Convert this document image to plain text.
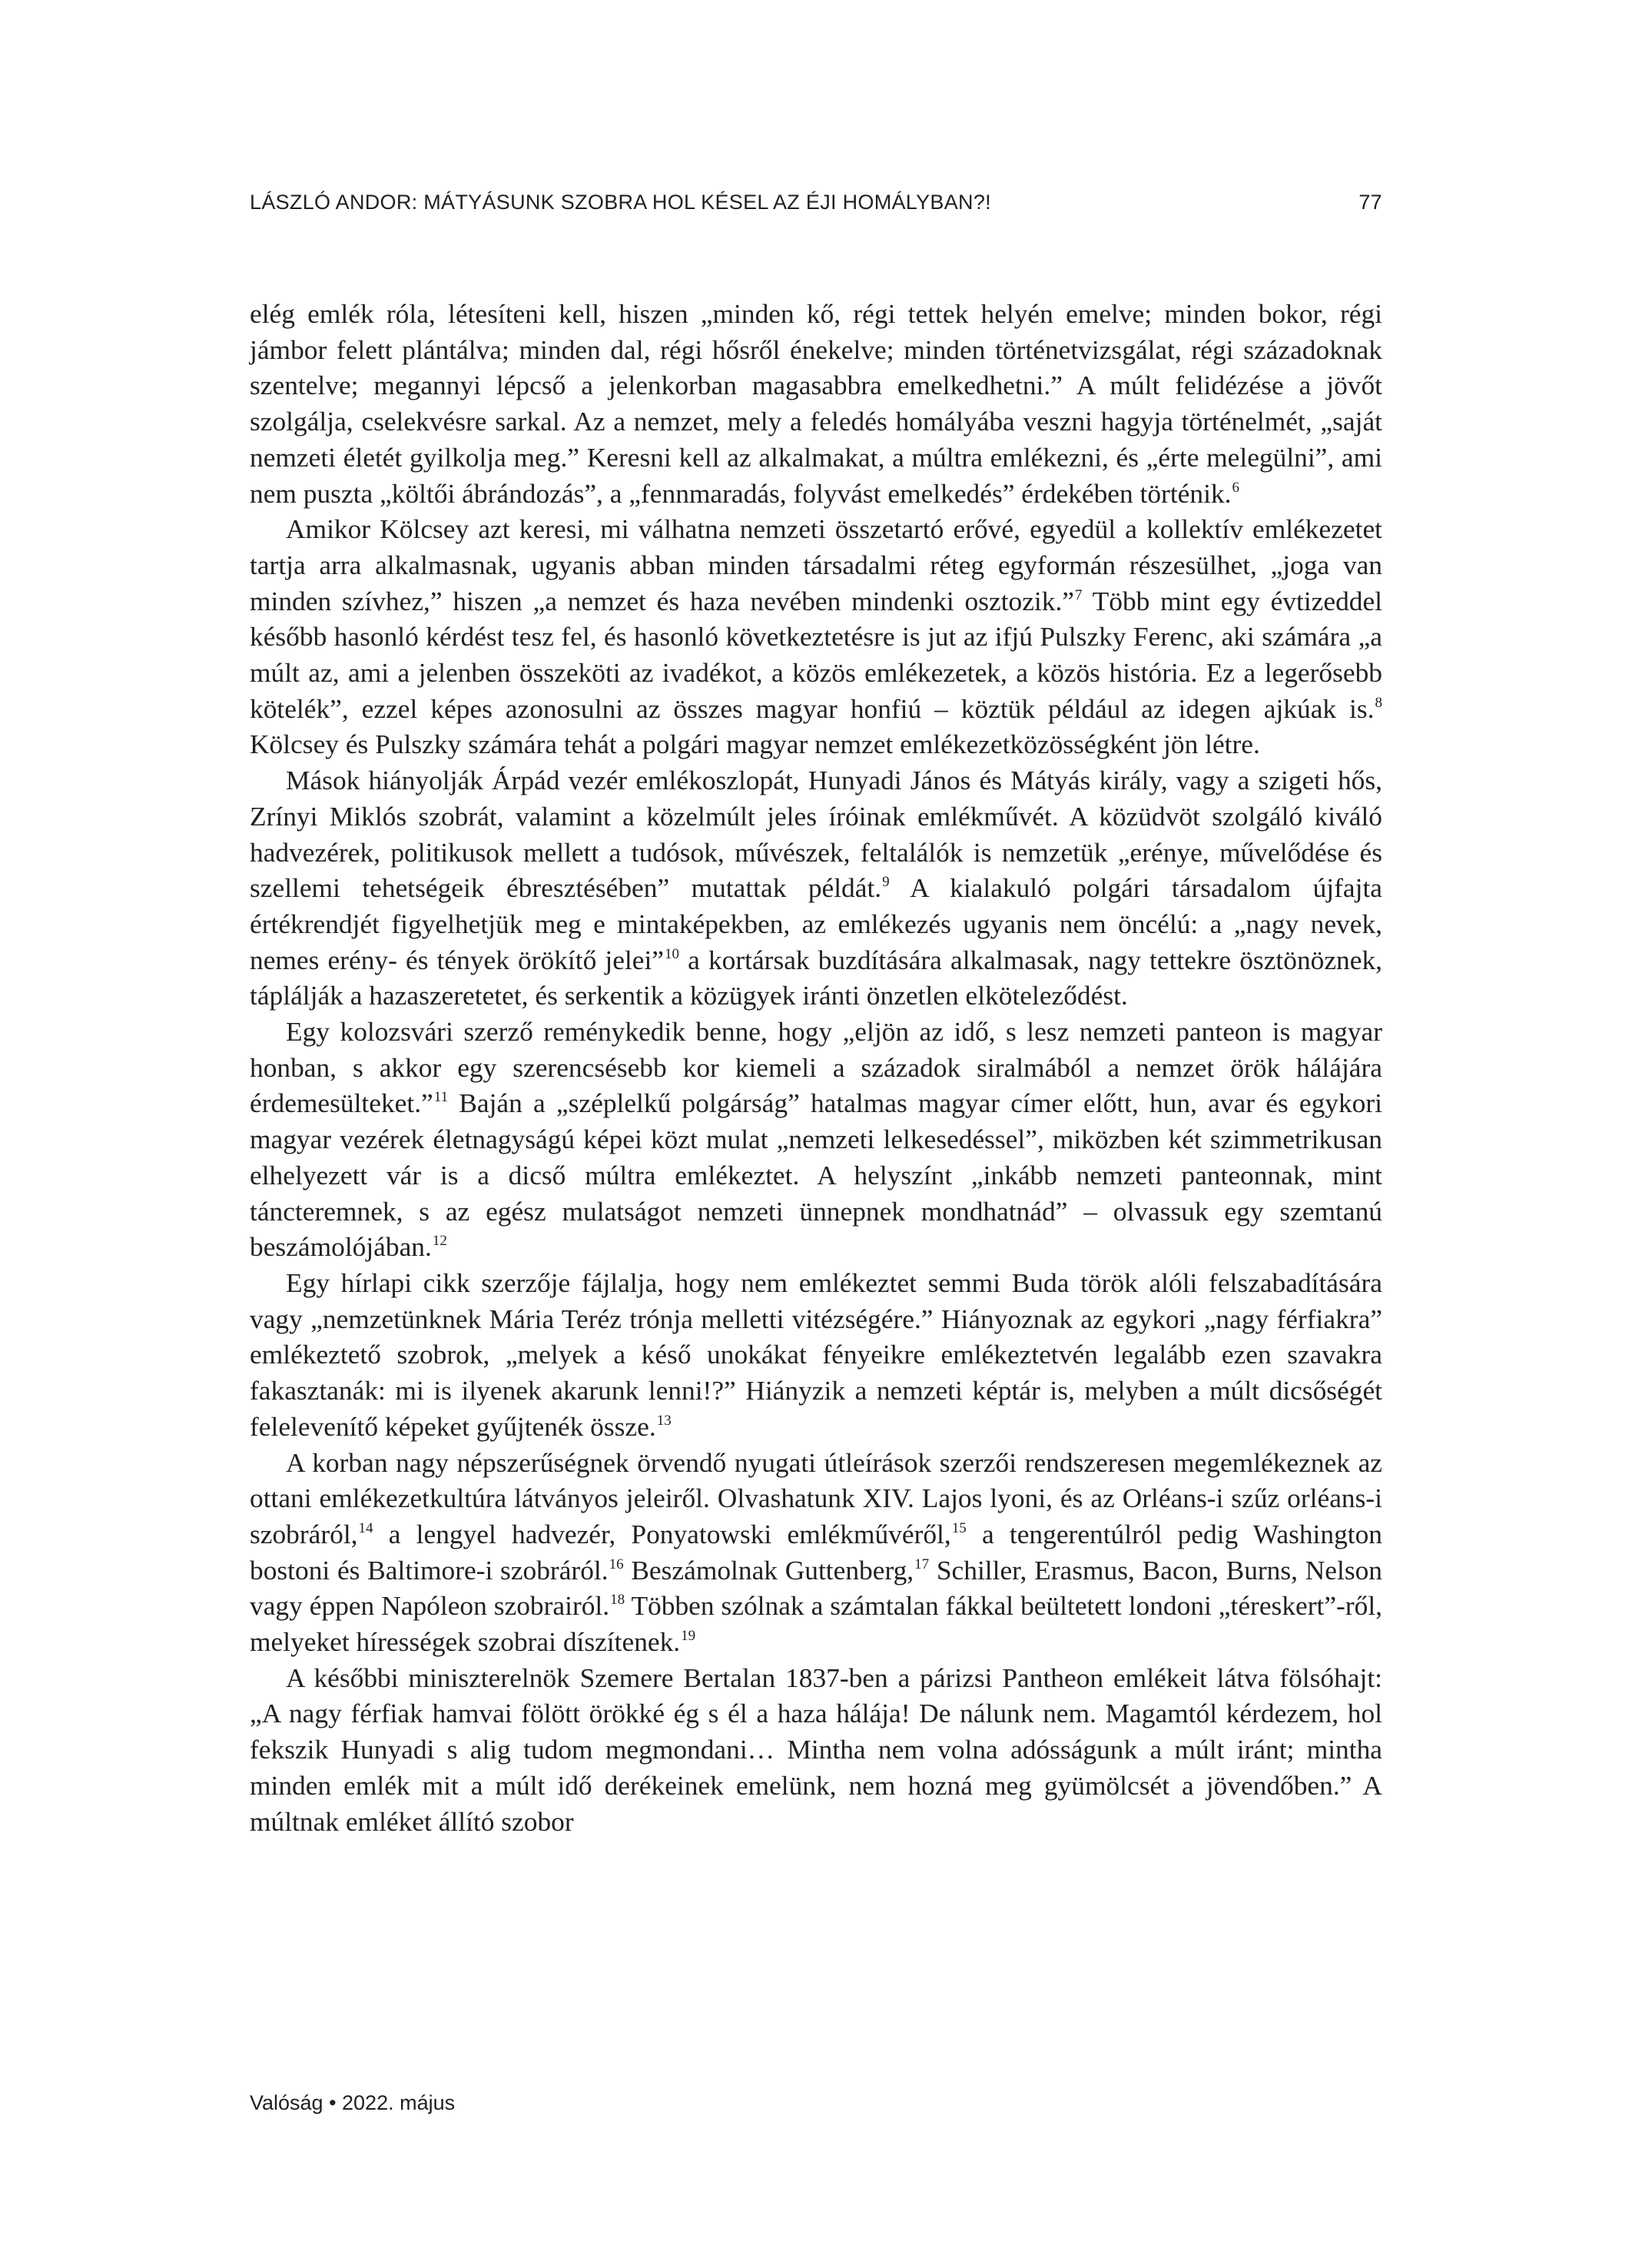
LÁSZLÓ ANDOR: MÁTYÁSUNK SZOBRA HOL KÉSEL AZ ÉJI HOMÁLYBAN?!	77

elég emlék róla, létesíteni kell, hiszen „minden kő, régi tettek helyén emelve; minden bokor, régi jámbor felett plántálva; minden dal, régi hősről énekelve; minden történetvizsgálat, régi századoknak szentelve; megannyi lépcső a jelenkorban magasabbra emelkedhetni.” A múlt felidézése a jövőt szolgálja, cselekvésre sarkal. Az a nemzet, mely a feledés homályába veszni hagyja történelmét, „saját nemzeti életét gyilkolja meg.” Keresni kell az alkalmakat, a múltra emlékezni, és „érte melegülni”, ami nem puszta „költői ábrándozás”, a „fennmaradás, folyvást emelkedés” érdekében történik.$^6$

Amikor Kölcsey azt keresi, mi válhatna nemzeti összetartó erővé, egyedül a kollektív emlékezetet tartja arra alkalmasnak, ugyanis abban minden társadalmi réteg egyformán részesülhet, „joga van minden szívhez,” hiszen „a nemzet és haza nevében mindenki osztozik.”$^7$ Több mint egy évtizeddel később hasonló kérdést tesz fel, és hasonló következtetésre is jut az ifjú Pulszky Ferenc, aki számára „a múlt az, ami a jelenben összeköti az ivadékot, a közös emlékezetek, a közös história. Ez a legerősebb kötelék”, ezzel képes azonosulni az összes magyar honfiú – köztük például az idegen ajkúak is.$^8$ Kölcsey és Pulszky számára tehát a polgári magyar nemzet emlékezetközösségként jön létre.

Mások hiányolják Árpád vezér emlékoszlopát, Hunyadi János és Mátyás király, vagy a szigeti hős, Zrínyi Miklós szobrát, valamint a közelmúlt jeles íróinak emlékművét. A közüdvöt szolgáló kiváló hadvezérek, politikusok mellett a tudósok, művészek, feltalálók is nemzetük „erénye, művelődése és szellemi tehetségeik ébresztésében” mutattak példát.$^9$ A kialakuló polgári társadalom újfajta értékrendjét figyelhetjük meg e mintaképekben, az emlékezés ugyanis nem öncélú: a „nagy nevek, nemes erény- és tények örökítő jelei”$^{10}$ a kortársak buzdítására alkalmasak, nagy tettekre ösztönöznek, táplálják a hazaszeretetet, és serkentik a közügyek iránti önzetlen elköteleződést.

Egy kolozsvári szerző reménykedik benne, hogy „eljön az idő, s lesz nemzeti panteon is magyar honban, s akkor egy szerencsésebb kor kiemeli a századok siralmából a nemzet örök hálájára érdemesülteket.”$^{11}$ Baján a „széplelkű polgárság” hatalmas magyar címer előtt, hun, avar és egykori magyar vezérek életnagyságú képei közt mulat „nemzeti lelkesedéssel”, miközben két szimmetrikusan elhelyezett vár is a dicső múltra emlékeztet. A helyszínt „inkább nemzeti panteonnak, mint táncteremnek, s az egész mulatságot nemzeti ünnepnek mondhatnád” – olvassuk egy szemtanú beszámolójában.$^{12}$

Egy hírlapi cikk szerzője fájlalja, hogy nem emlékeztet semmi Buda török alóli felszabadítására vagy „nemzetünknek Mária Teréz trónja melletti vitézségére.” Hiányoznak az egykori „nagy férfiakra” emlékeztető szobrok, „melyek a késő unokákat fényeikre emlékeztetvén legalább ezen szavakra fakasztanák: mi is ilyenek akarunk lenni!?” Hiányzik a nemzeti képtár is, melyben a múlt dicsőségét felelevenítő képeket gyűjtenék össze.$^{13}$

A korban nagy népszerűségnek örvendő nyugati útleírások szerzői rendszeresen megemlékeznek az ottani emlékezetkultúra látványos jeleiről. Olvashatunk XIV. Lajos lyoni, és az Orléans-i szűz orléans-i szobráról,$^{14}$ a lengyel hadvezér, Ponyatowski emlékművéről,$^{15}$ a tengerentúlról pedig Washington bostoni és Baltimore-i szobráról.$^{16}$ Beszámolnak Guttenberg,$^{17}$ Schiller, Erasmus, Bacon, Burns, Nelson vagy éppen Napóleon szobrairól.$^{18}$ Többen szólnak a számtalan fákkal beültetett londoni „téreskert”-ről, melyeket hírességek szobrai díszítenek.$^{19}$

A későbbi miniszterelnök Szemere Bertalan 1837-ben a párizsi Pantheon emlékeit látva fölsóhajt: „A nagy férfiak hamvai fölött örökké ég s él a haza hálája! De nálunk nem. Magamtól kérdezem, hol fekszik Hunyadi s alig tudom megmondani… Mintha nem volna adósságunk a múlt iránt; mintha minden emlék mit a múlt idő derékeinek emelünk, nem hozná meg gyümölcsét a jövendőben.” A múltnak emléket állító szobor

Valóság • 2022. május
